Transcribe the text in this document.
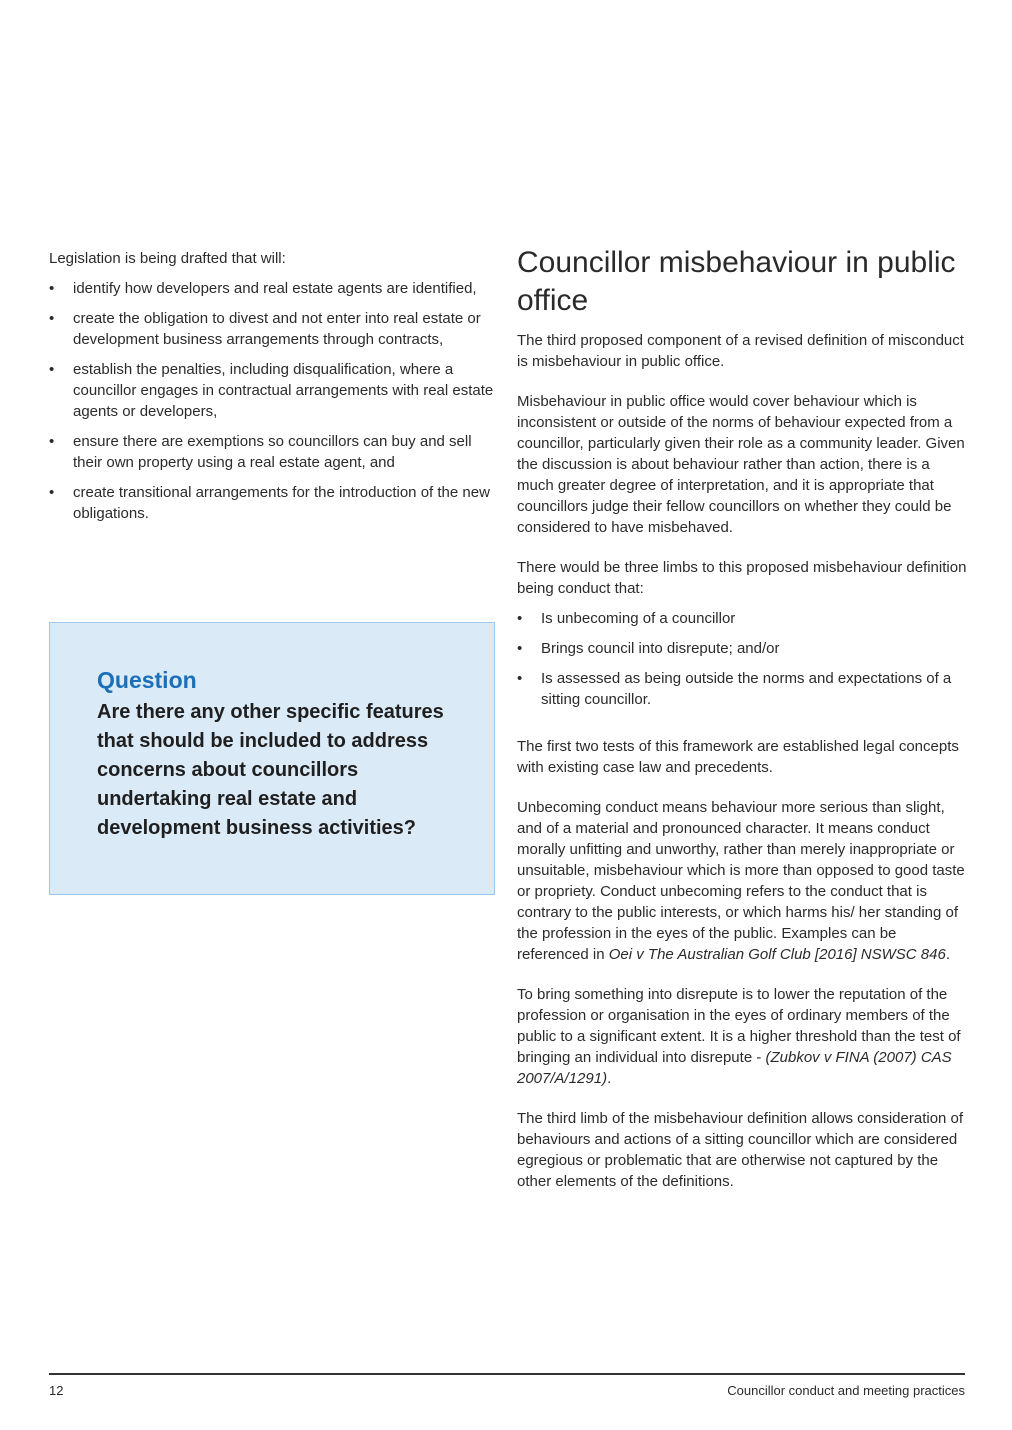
Legislation is being drafted that will:

• identify how developers and real estate agents are identified,
• create the obligation to divest and not enter into real estate or development business arrangements through contracts,
• establish the penalties, including disqualification, where a councillor engages in contractual arrangements with real estate agents or developers,
• ensure there are exemptions so councillors can buy and sell their own property using a real estate agent, and
• create transitional arrangements for the introduction of the new obligations.
Question
Are there any other specific features that should be included to address concerns about councillors undertaking real estate and development business activities?
Councillor misbehaviour in public office

The third proposed component of a revised definition of misconduct is misbehaviour in public office.

Misbehaviour in public office would cover behaviour which is inconsistent or outside of the norms of behaviour expected from a councillor, particularly given their role as a community leader. Given the discussion is about behaviour rather than action, there is a much greater degree of interpretation, and it is appropriate that councillors judge their fellow councillors on whether they could be considered to have misbehaved.

There would be three limbs to this proposed misbehaviour definition being conduct that:

• Is unbecoming of a councillor
• Brings council into disrepute; and/or
• Is assessed as being outside the norms and expectations of a sitting councillor.

The first two tests of this framework are established legal concepts with existing case law and precedents.

Unbecoming conduct means behaviour more serious than slight, and of a material and pronounced character. It means conduct morally unfitting and unworthy, rather than merely inappropriate or unsuitable, misbehaviour which is more than opposed to good taste or propriety. Conduct unbecoming refers to the conduct that is contrary to the public interests, or which harms his/ her standing of the profession in the eyes of the public. Examples can be referenced in Oei v The Australian Golf Club [2016] NSWSC 846.

To bring something into disrepute is to lower the reputation of the profession or organisation in the eyes of ordinary members of the public to a significant extent. It is a higher threshold than the test of bringing an individual into disrepute - (Zubkov v FINA (2007) CAS 2007/A/1291).

The third limb of the misbehaviour definition allows consideration of behaviours and actions of a sitting councillor which are considered egregious or problematic that are otherwise not captured by the other elements of the definitions.

12	Councillor conduct and meeting practices
